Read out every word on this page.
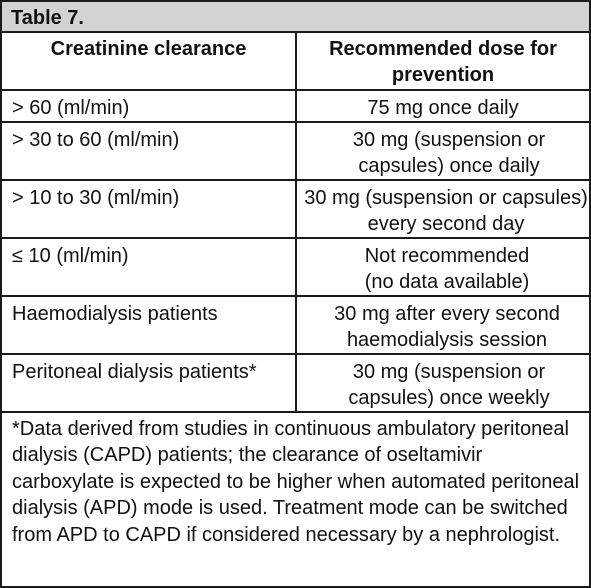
Table 7.
Creatinine clearance	Recommended dose for prevention
> 60 (ml/min)	75 mg once daily
> 30 to 60 (ml/min)	30 mg (suspension or capsules) once daily
> 10 to 30 (ml/min)	30 mg (suspension or capsules) every second day
≤ 10 (ml/min)	Not recommended (no data available)
Haemodialysis patients	30 mg after every second haemodialysis session
Peritoneal dialysis patients*	30 mg (suspension or capsules) once weekly
*Data derived from studies in continuous ambulatory peritoneal dialysis (CAPD) patients; the clearance of oseltamivir carboxylate is expected to be higher when automated peritoneal dialysis (APD) mode is used. Treatment mode can be switched from APD to CAPD if considered necessary by a nephrologist.
